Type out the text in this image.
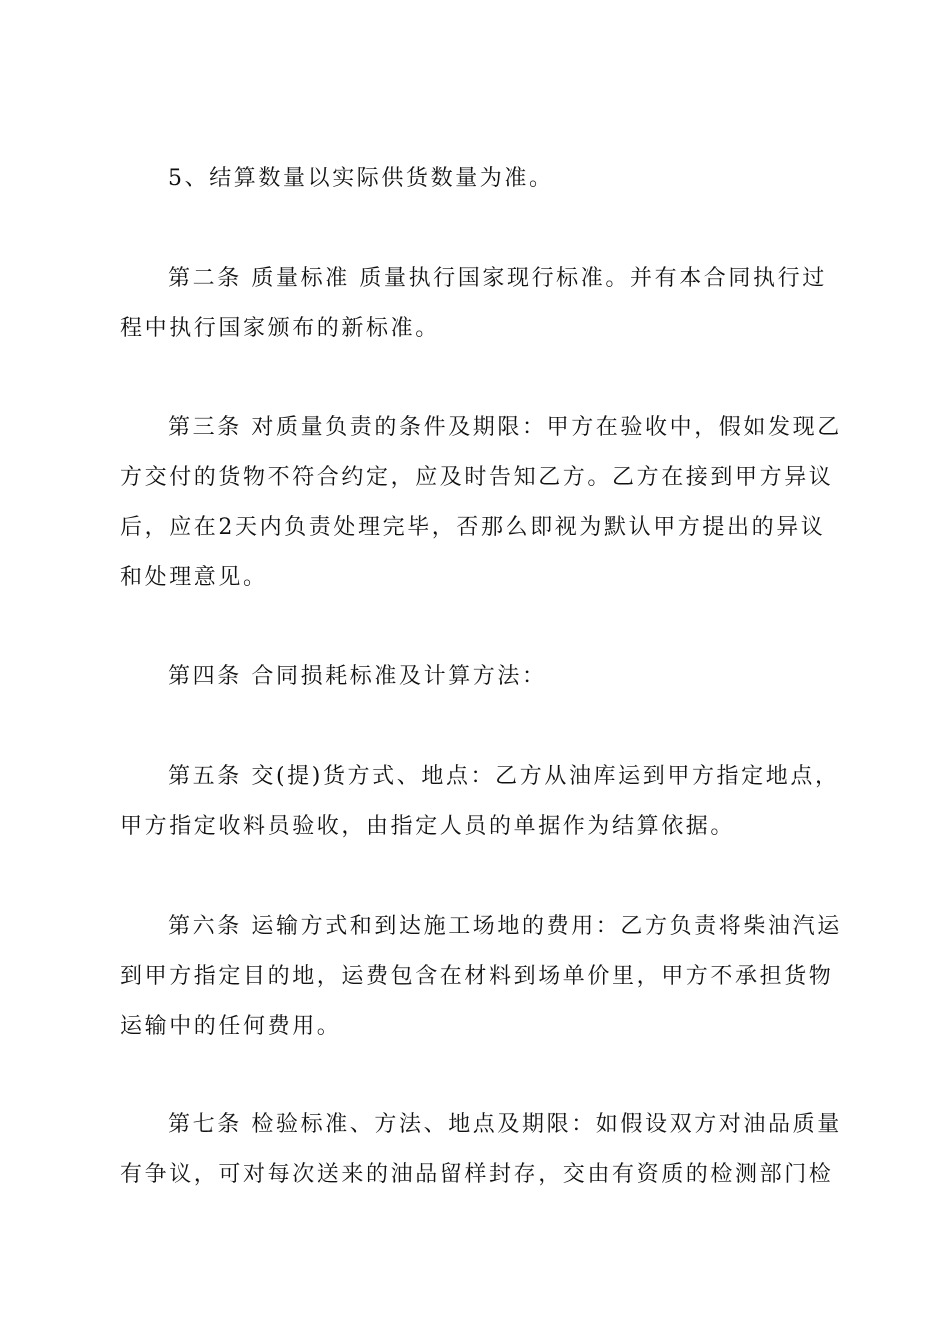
5、结算数量以实际供货数量为准。
第二条 质量标准 质量执行国家现行标准。并有本合同执行过
程中执行国家颁布的新标准。
第三条 对质量负责的条件及期限：甲方在验收中，假如发现乙
方交付的货物不符合约定，应及时告知乙方。乙方在接到甲方异议
后，应在2天内负责处理完毕，否那么即视为默认甲方提出的异议
和处理意见。
第四条 合同损耗标准及计算方法：
第五条 交(提)货方式、地点：乙方从油库运到甲方指定地点，
甲方指定收料员验收，由指定人员的单据作为结算依据。
第六条 运输方式和到达施工场地的费用：乙方负责将柴油汽运
到甲方指定目的地，运费包含在材料到场单价里，甲方不承担货物
运输中的任何费用。
第七条 检验标准、方法、地点及期限：如假设双方对油品质量
有争议，可对每次送来的油品留样封存，交由有资质的检测部门检
